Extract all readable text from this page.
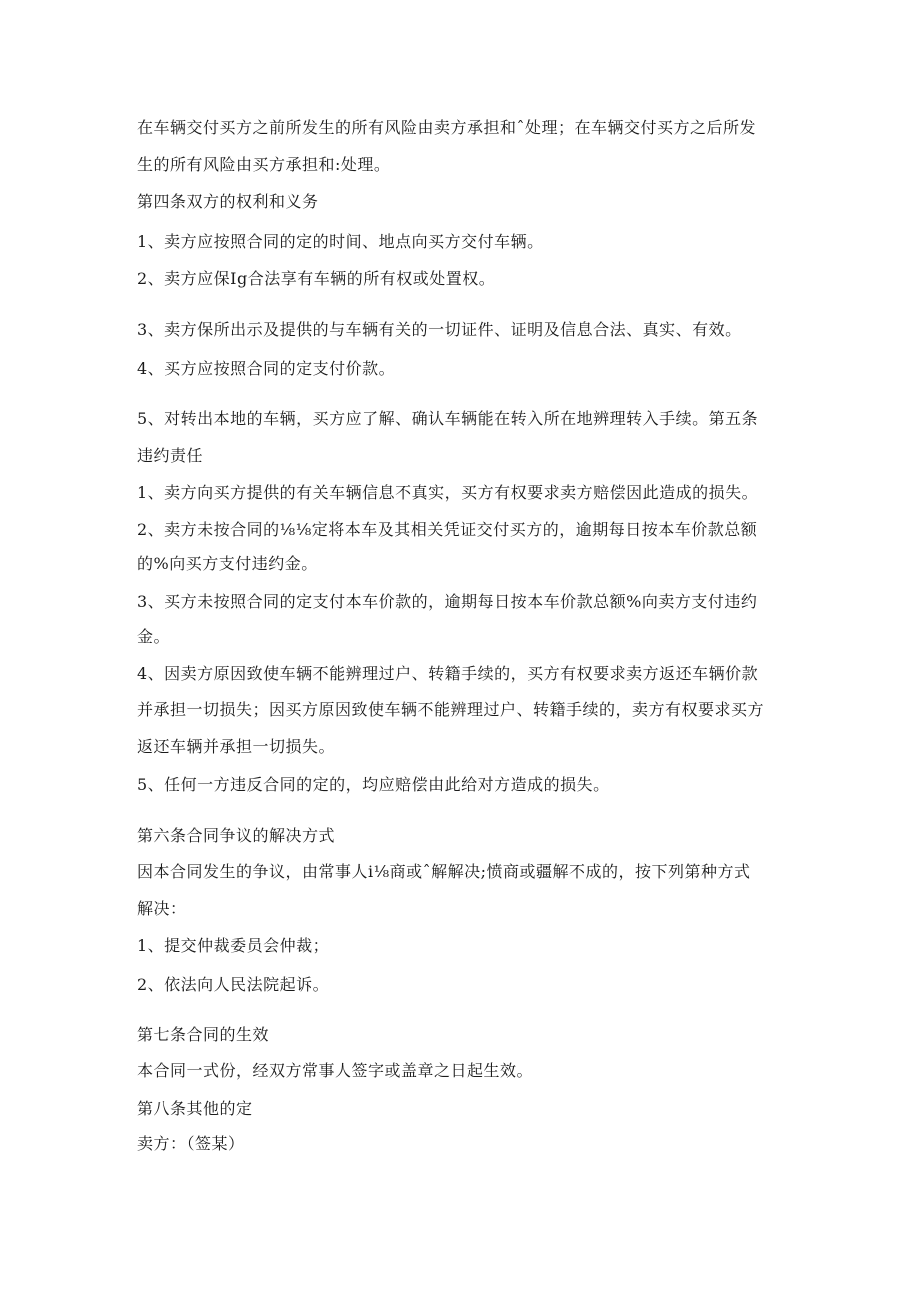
在车辆交付买方之前所发生的所有风险由卖方承担和ˆ处理；在车辆交付买方之后所发

生的所有风险由买方承担和:处理。

第四条双方的权利和义务

1、卖方应按照合同的定的时间、地点向买方交付车辆。

2、卖方应保Ig合法享有车辆的所有权或处置权。

3、卖方保所出示及提供的与车辆有关的一切证件、证明及信息合法、真实、有效。

4、买方应按照合同的定支付价款。

5、对转出本地的车辆，买方应了解、确认车辆能在转入所在地辨理转入手续。第五条

违约责任

1、卖方向买方提供的有关车辆信息不真实，买方有权要求卖方赔偿因此造成的损失。

2、卖方未按合同的⅛⅛定将本车及其相关凭证交付买方的，逾期每日按本车价款总额

的%向买方支付违约金。

3、买方未按照合同的定支付本车价款的，逾期每日按本车价款总额%向卖方支付违约

金。

4、因卖方原因致使车辆不能辨理过户、转籍手续的，买方有权要求卖方返还车辆价款

并承担一切损失；因买方原因致使车辆不能辨理过户、转籍手续的，卖方有权要求买方

返还车辆并承担一切损失。

5、任何一方违反合同的定的，均应赔偿由此给对方造成的损失。

第六条合同争议的解决方式

因本合同发生的争议，由常事人i⅛商或ˆ解解决;愤商或疆解不成的，按下列第种方式

解决：

1、提交仲裁委员会仲裁；

2、依法向人民法院起诉。

第七条合同的生效

本合同一式份，经双方常事人签字或盖章之日起生效。

第八条其他的定

卖方：（签某）
